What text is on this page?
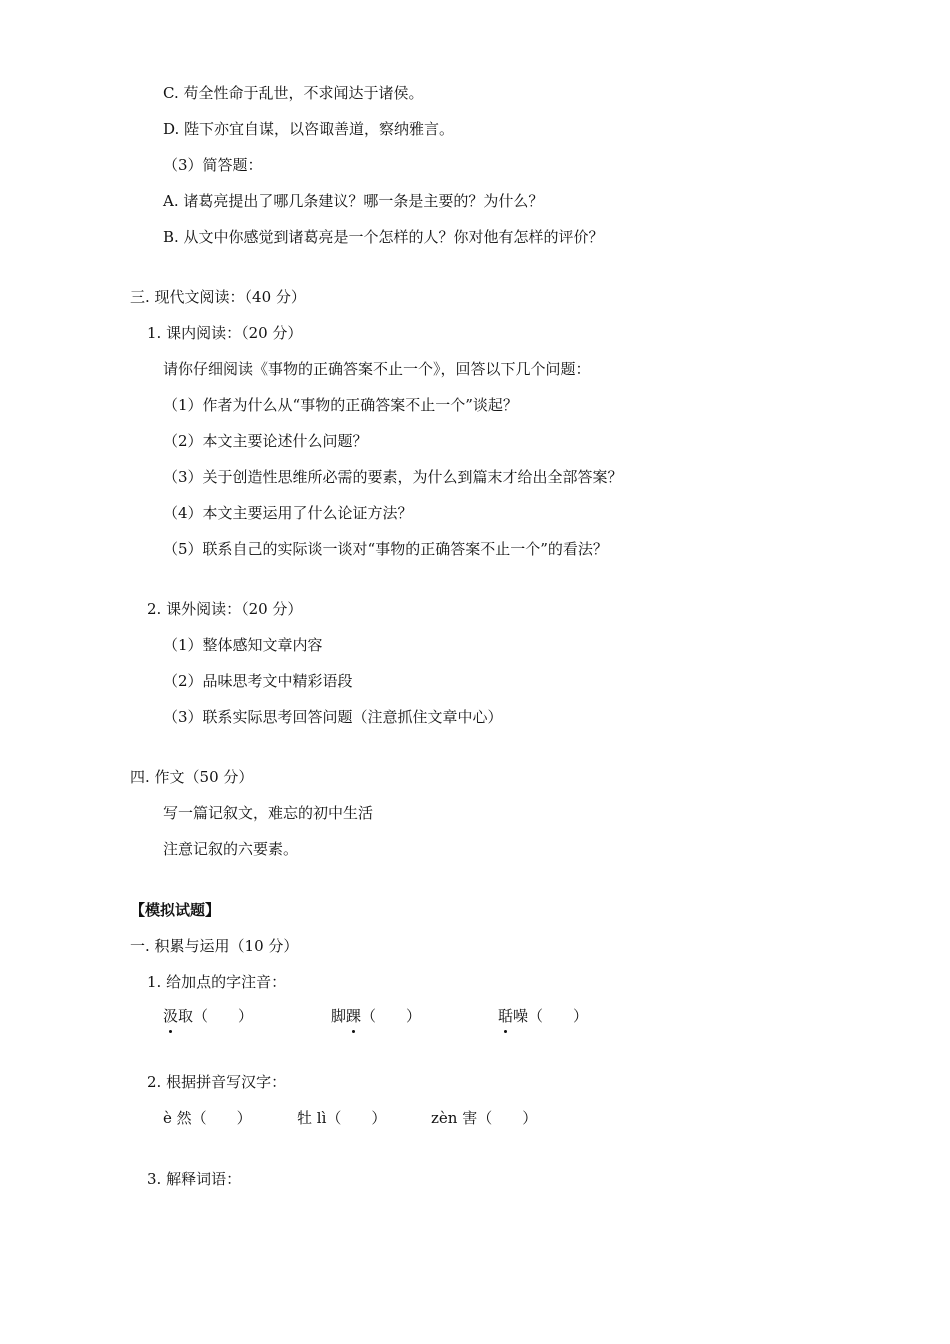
C. 苟全性命于乱世，不求闻达于诸侯。
D. 陛下亦宜自谋，以咨诹善道，察纳雅言。
（3）简答题：
A. 诸葛亮提出了哪几条建议？哪一条是主要的？为什么？
B. 从文中你感觉到诸葛亮是一个怎样的人？你对他有怎样的评价？
三. 现代文阅读：（40 分）
1. 课内阅读：（20 分）
请你仔细阅读《事物的正确答案不止一个》，回答以下几个问题：
（1）作者为什么从“事物的正确答案不止一个”谈起？
（2）本文主要论述什么问题？
（3）关于创造性思维所必需的要素，为什么到篇末才给出全部答案？
（4）本文主要运用了什么论证方法？
（5）联系自己的实际谈一谈对“事物的正确答案不止一个”的看法？
2. 课外阅读：（20 分）
（1）整体感知文章内容
（2）品味思考文中精彩语段
（3）联系实际思考回答问题（注意抓住文章中心）
四. 作文（50 分）
写一篇记叙文，难忘的初中生活
注意记叙的六要素。
【模拟试题】
一. 积累与运用（10 分）
1. 给加点的字注音：
汲取（　　）	脚踝（　　）	聒噪（　　）
2. 根据拼音写汉字：
è 然（　　）	牡 lì（　　）	zèn 害（　　）
3. 解释词语：
